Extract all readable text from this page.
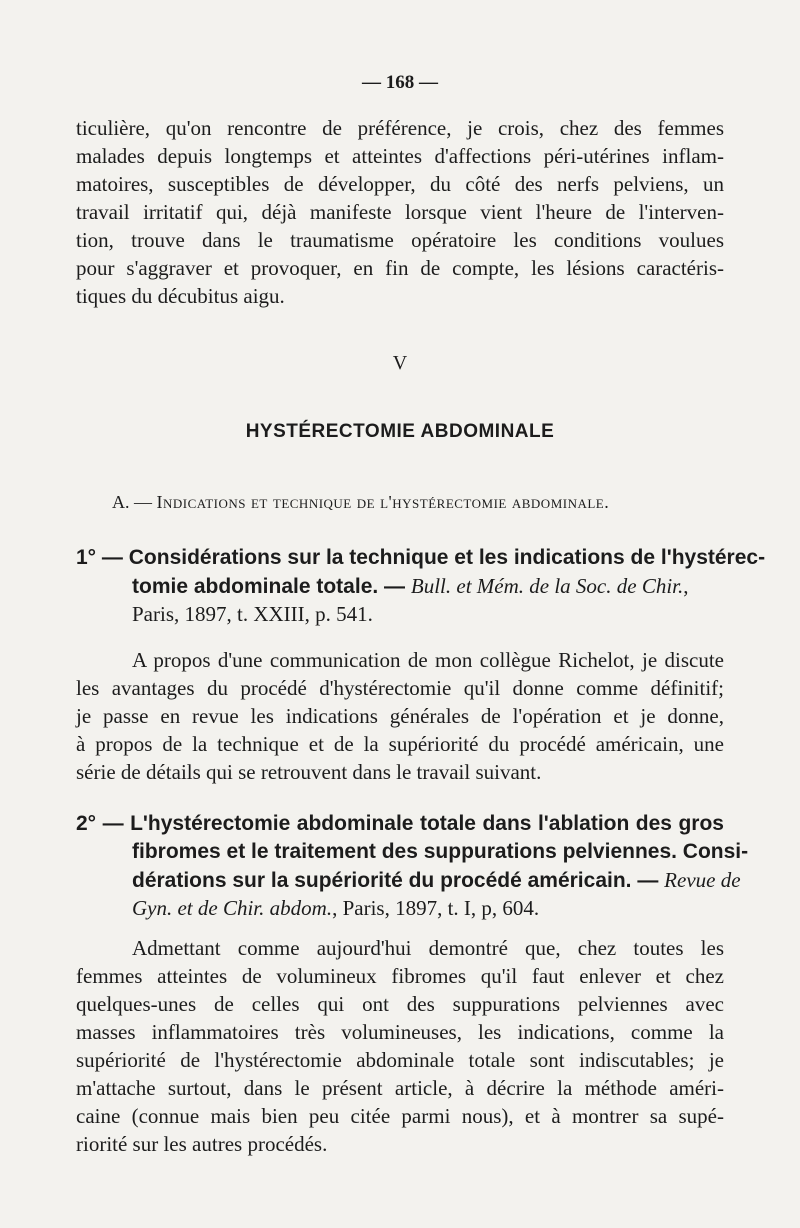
— 168 —
ticulière, qu'on rencontre de préférence, je crois, chez des femmes
malades depuis longtemps et atteintes d'affections péri-utérines inflam-
matoires, susceptibles de développer, du côté des nerfs pelviens, un
travail irritatif qui, déjà manifeste lorsque vient l'heure de l'interven-
tion, trouve dans le traumatisme opératoire les conditions voulues
pour s'aggraver et provoquer, en fin de compte, les lésions caractéris-
tiques du décubitus aigu.
V
HYSTÉRECTOMIE ABDOMINALE
A. — Indications et technique de l'hystérectomie abdominale.
1° — Considérations sur la technique et les indications de l'hystérec-
tomie abdominale totale. — Bull. et Mém. de la Soc. de Chir.,
Paris, 1897, t. XXIII, p. 541.
A propos d'une communication de mon collègue Richelot, je discute
les avantages du procédé d'hystérectomie qu'il donne comme définitif;
je passe en revue les indications générales de l'opération et je donne,
à propos de la technique et de la supériorité du procédé américain, une
série de détails qui se retrouvent dans le travail suivant.
2° — L'hystérectomie abdominale totale dans l'ablation des gros
fibromes et le traitement des suppurations pelviennes. Consi-
dérations sur la supériorité du procédé américain. — Revue de
Gyn. et de Chir. abdom., Paris, 1897, t. I, p, 604.
Admettant comme aujourd'hui demontré que, chez toutes les
femmes atteintes de volumineux fibromes qu'il faut enlever et chez
quelques-unes de celles qui ont des suppurations pelviennes avec
masses inflammatoires très volumineuses, les indications, comme la
supériorité de l'hystérectomie abdominale totale sont indiscutables; je
m'attache surtout, dans le présent article, à décrire la méthode améri-
caine (connue mais bien peu citée parmi nous), et à montrer sa supé-
riorité sur les autres procédés.
